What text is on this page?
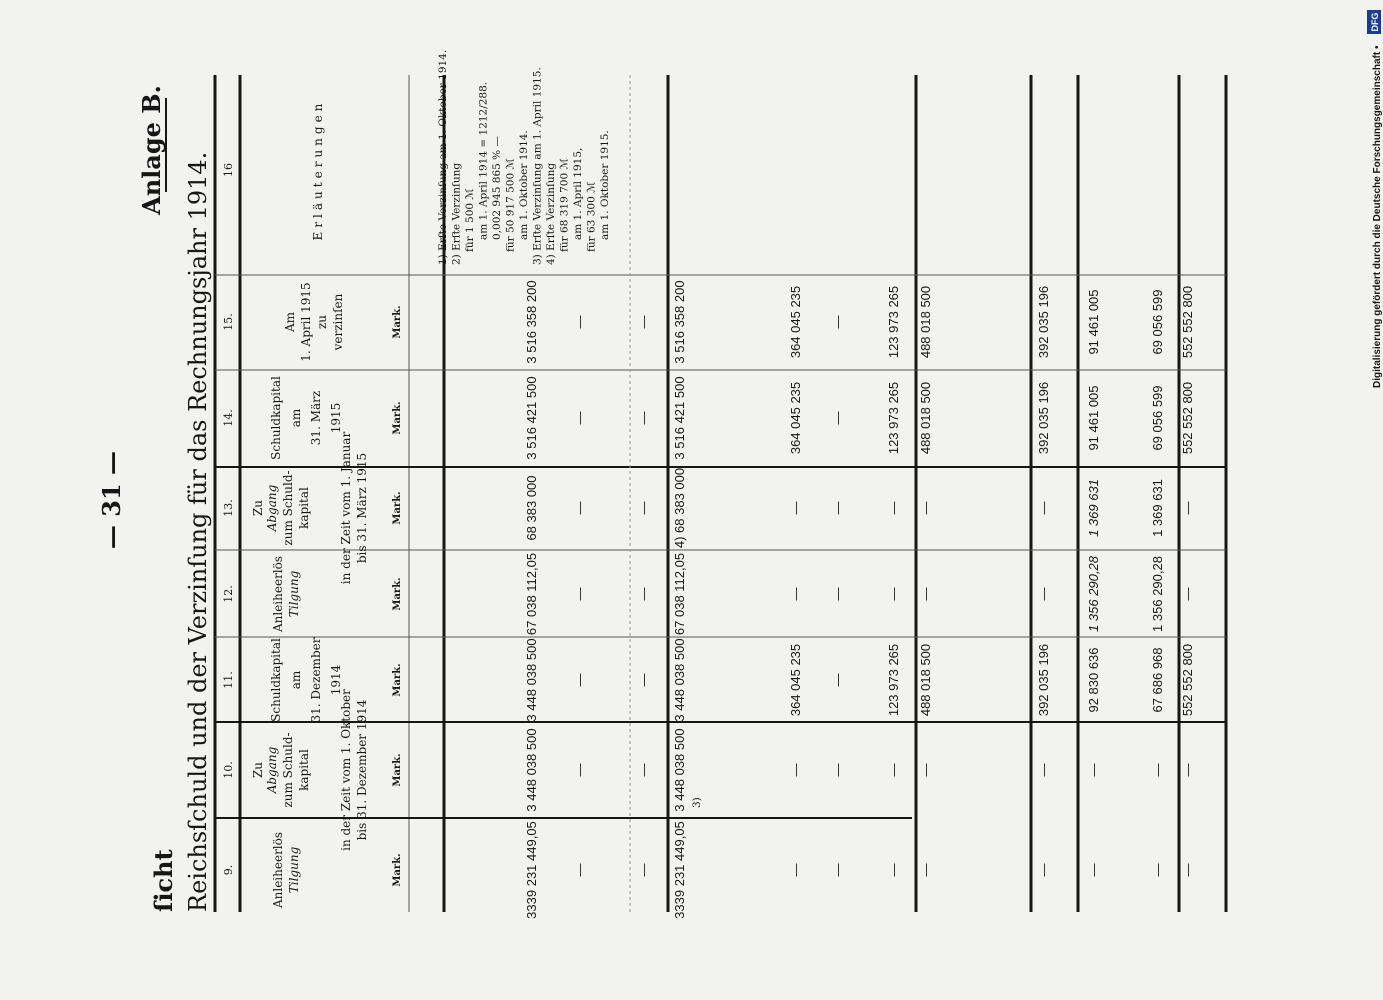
9.
10.
11.
12.
13.
14.
15.
16
Anleiheerlös Tilgung
in der Zeit vom 1. Oktober bis 31. Dezember 1914
Zu Abgang zum Schuld- kapital
Schuldkapital am 31. Dezember 1914
Anleiheerlös Tilgung
in der Zeit vom 1. Januar bis 31. März 1915
Zu Abgang zum Schuld- kapital
Schuldkapital am 31. März 1915
Am 1. April 1915 zu verzinſen
Erläuterungen
Mark.
Mark.
Mark.
Mark.
Mark.
Mark.
Mark.
3339 231 449,05
3 448 038 500
3 448 038 500
67 038 112,05
68 383 000
3 516 421 500
3 516 358 200
—
—
—
—
—
—
—
—
—
—
—
—
—
—
3339 231 449,05
3 448 038 500
3 448 038 500
67 038 112,05
4) 68 383 000
3 516 421 500
3 516 358 200
3)
—
—
364 045 235
—
—
364 045 235
364 045 235
—
—
—
—
—
—
—
—
—
123 973 265
—
—
123 973 265
123 973 265
—
—
488 018 500
—
—
488 018 500
488 018 500
—
—
392 035 196
—
—
392 035 196
392 035 196
—
—
92 830 636
1 356 290,28
1 369 631
91 461 005
91 461 005
—
—
67 686 968
1 356 290,28
1 369 631
69 056 599
69 056 599
—
—
552 552 800
—
—
552 552 800
552 552 800
1) Erſte Verzinſung am 1. Oktober 1914. 2) Erſte Verzinſung für 1 500 ℳ am 1. April 1914 = 1212/288. 0,002 945 865 % — für 50 917 500 ℳ am 1. Oktober 1914. 3) Erſte Verzinſung am 1. April 1915. 4) Erſte Verzinſung für 68 319 700 ℳ am 1. April 1915, für 63 300 ℳ am 1. Oktober 1915.
ſicht Reichsſchuld und der Verzinſung für das Rechnungsjahr 1914.
— 31 —
Anlage B.	Digitalisierung gefördert durch die Deutsche Forschungsgemeinschaft •
DFG
